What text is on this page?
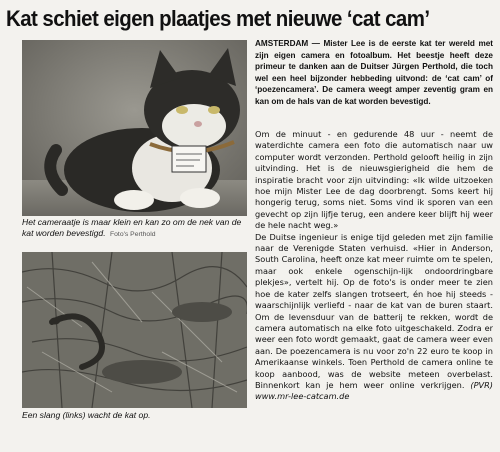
Kat schiet eigen plaatjes met nieuwe ‘cat cam’
Het cameraatje is maar klein en kan zo om de nek van de kat worden bevestigd. Foto's Perthold
Een slang (links) wacht de kat op.
AMSTERDAM — Mister Lee is de eerste kat ter wereld met zijn eigen camera en fotoalbum. Het beestje heeft deze primeur te danken aan de Duitser Jürgen Perthold, die toch wel een heel bijzonder hebbeding uitvond: de ‘cat cam’ of ‘poezencamera’. De camera weegt amper zeventig gram en kan om de hals van de kat worden bevestigd.

Om de minuut - en gedurende 48 uur - neemt de waterdichte camera een foto die automatisch naar uw computer wordt verzonden. Perthold gelooft heilig in zijn uitvinding. Het is de nieuwsgierigheid die hem de inspiratie bracht voor zijn uitvinding: «Ik wilde uitzoeken hoe mijn Mister Lee de dag doorbrengt. Soms keert hij hongerig terug, soms niet. Soms vind ik sporen van een gevecht op zijn lijfje terug, een andere keer blijft hij weer de hele nacht weg.»

De Duitse ingenieur is enige tijd geleden met zijn familie naar de Verenigde Staten verhuisd. «Hier in Anderson, South Carolina, heeft onze kat meer ruimte om te spelen, maar ook enkele ogenschijn-lijk ondoordringbare plekjes», vertelt hij. Op de foto's is onder meer te zien hoe de kater zelfs slangen trotseert, én hoe hij steeds - waarschijnlijk verliefd - naar de kat van de buren staart. Om de levensduur van de batterij te rekken, wordt de camera automatisch na elke foto uitgeschakeld. Zodra er weer een foto wordt gemaakt, gaat de camera weer even aan. De poezencamera is nu voor zo'n 22 euro te koop in Amerikaanse winkels. Toen Perthold de camera online te koop aanbood, was de website meteen overbelast. Binnenkort kan je hem weer online verkrijgen. (PVR) www.mr-lee-catcam.de
